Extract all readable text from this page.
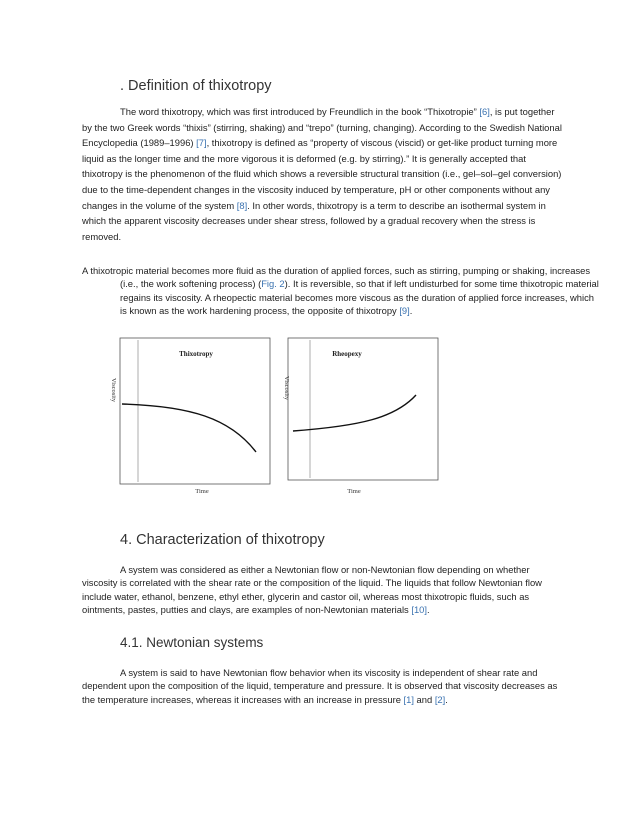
. Definition of thixotropy

The word thixotropy, which was first introduced by Freundlich in the book “Thixotropie” [6], is put together by the two Greek words “thixis” (stirring, shaking) and “trepo” (turning, changing). According to the Swedish National Encyclopedia (1989–1996) [7], thixotropy is defined as “property of viscous (viscid) or get-like product turning more liquid as the longer time and the more vigorous it is deformed (e.g. by stirring).” It is generally accepted that thixotropy is the phenomenon of the fluid which shows a reversible structural transition (i.e., gel–sol–gel conversion) due to the time-dependent changes in the viscosity induced by temperature, pH or other components without any changes in the volume of the system [8]. In other words, thixotropy is a term to describe an isothermal system in which the apparent viscosity decreases under shear stress, followed by a gradual recovery when the stress is removed.

A thixotropic material becomes more fluid as the duration of applied forces, such as stirring, pumping or shaking, increases (i.e., the work softening process) (Fig. 2). It is reversible, so that if left undisturbed for some time thixotropic material regains its viscosity. A rheopectic material becomes more viscous as the duration of applied force increases, which is known as the work hardening process, the opposite of thixotropy [9].

Thixotropy
Viscosity
Time
Rheopexy
Viscosity
Time
4. Characterization of thixotropy

A system was considered as either a Newtonian flow or non-Newtonian flow depending on whether viscosity is correlated with the shear rate or the composition of the liquid. The liquids that follow Newtonian flow include water, ethanol, benzene, ethyl ether, glycerin and castor oil, whereas most thixotropic fluids, such as ointments, pastes, putties and clays, are examples of non-Newtonian materials [10].

4.1. Newtonian systems

A system is said to have Newtonian flow behavior when its viscosity is independent of shear rate and dependent upon the composition of the liquid, temperature and pressure. It is observed that viscosity decreases as the temperature increases, whereas it increases with an increase in pressure [1] and [2].
